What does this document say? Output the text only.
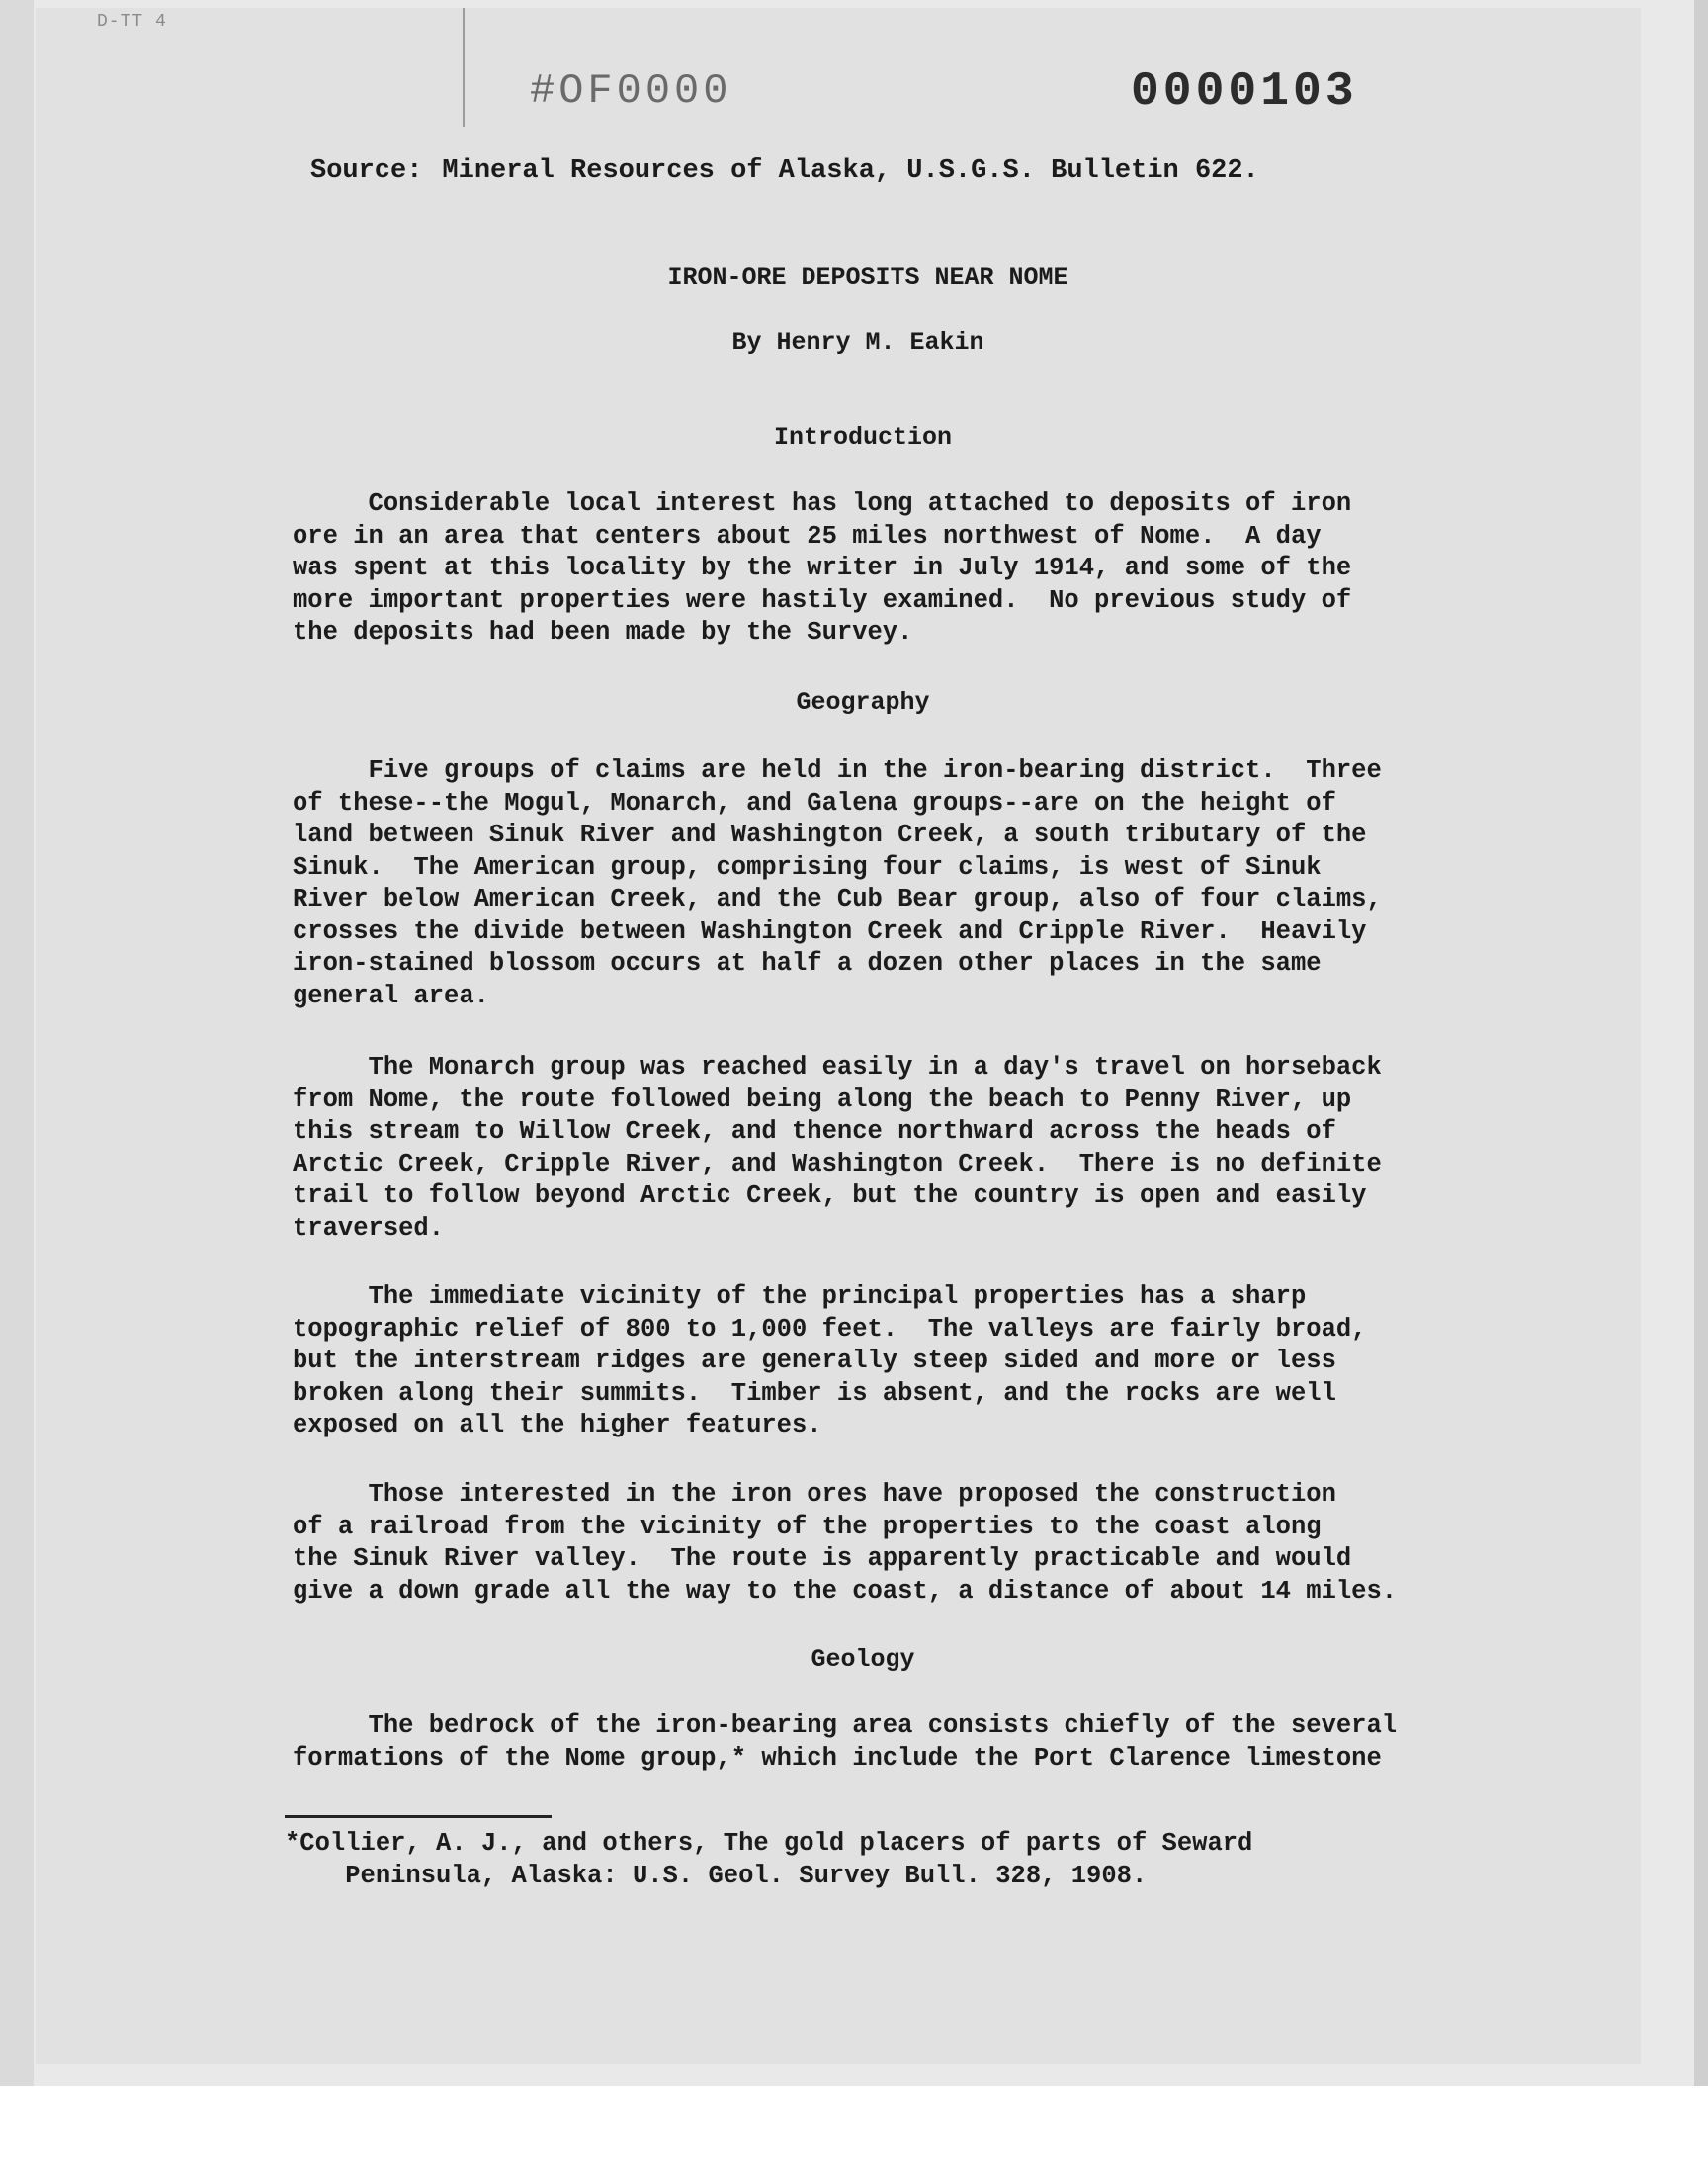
D-TT 4
#OF0000	0000103
Source: Mineral Resources of Alaska, U.S.G.S. Bulletin 622.
IRON-ORE DEPOSITS NEAR NOME
By Henry M. Eakin
Introduction
Considerable local interest has long attached to deposits of iron
ore in an area that centers about 25 miles northwest of Nome.  A day
was spent at this locality by the writer in July 1914, and some of the
more important properties were hastily examined.  No previous study of
the deposits had been made by the Survey.
Geography
Five groups of claims are held in the iron-bearing district.  Three
of these--the Mogul, Monarch, and Galena groups--are on the height of
land between Sinuk River and Washington Creek, a south tributary of the
Sinuk.  The American group, comprising four claims, is west of Sinuk
River below American Creek, and the Cub Bear group, also of four claims,
crosses the divide between Washington Creek and Cripple River.  Heavily
iron-stained blossom occurs at half a dozen other places in the same
general area.
The Monarch group was reached easily in a day's travel on horseback
from Nome, the route followed being along the beach to Penny River, up
this stream to Willow Creek, and thence northward across the heads of
Arctic Creek, Cripple River, and Washington Creek.  There is no definite
trail to follow beyond Arctic Creek, but the country is open and easily
traversed.
The immediate vicinity of the principal properties has a sharp
topographic relief of 800 to 1,000 feet.  The valleys are fairly broad,
but the interstream ridges are generally steep sided and more or less
broken along their summits.  Timber is absent, and the rocks are well
exposed on all the higher features.
Those interested in the iron ores have proposed the construction
of a railroad from the vicinity of the properties to the coast along
the Sinuk River valley.  The route is apparently practicable and would
give a down grade all the way to the coast, a distance of about 14 miles.
Geology
The bedrock of the iron-bearing area consists chiefly of the several
formations of the Nome group,* which include the Port Clarence limestone
*Collier, A. J., and others, The gold placers of parts of Seward
Peninsula, Alaska: U.S. Geol. Survey Bull. 328, 1908.
